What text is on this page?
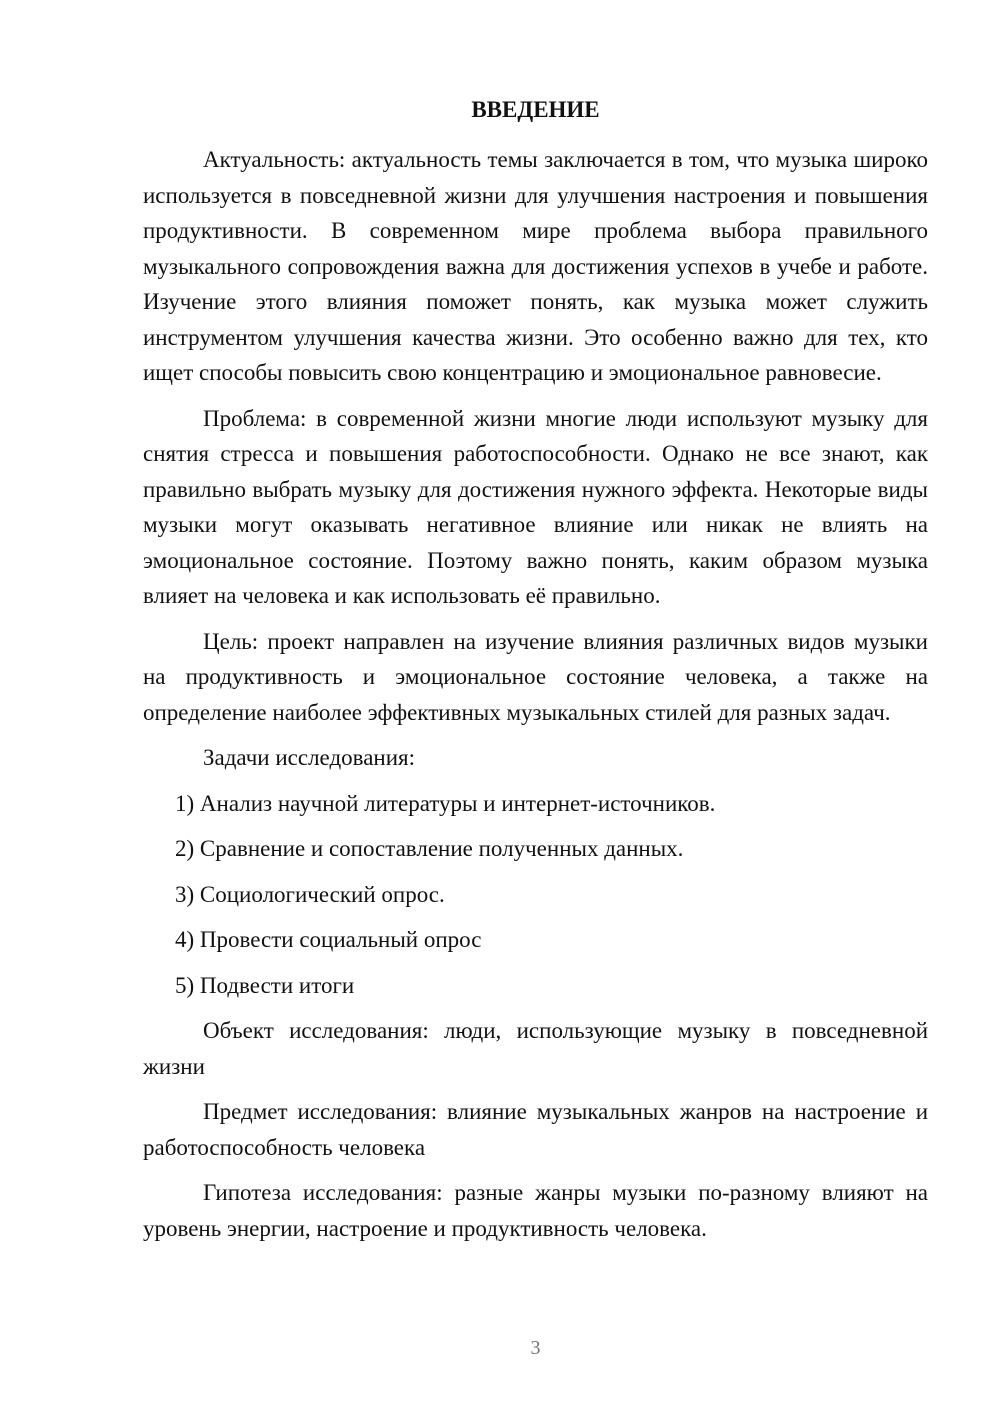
ВВЕДЕНИЕ

Актуальность: актуальность темы заключается в том, что музыка широко используется в повседневной жизни для улучшения настроения и повышения продуктивности. В современном мире проблема выбора правильного музыкального сопровождения важна для достижения успехов в учебе и работе. Изучение этого влияния поможет понять, как музыка может служить инструментом улучшения качества жизни. Это особенно важно для тех, кто ищет способы повысить свою концентрацию и эмоциональное равновесие.

Проблема: в современной жизни многие люди используют музыку для снятия стресса и повышения работоспособности. Однако не все знают, как правильно выбрать музыку для достижения нужного эффекта. Некоторые виды музыки могут оказывать негативное влияние или никак не влиять на эмоциональное состояние. Поэтому важно понять, каким образом музыка влияет на человека и как использовать её правильно.

Цель: проект направлен на изучение влияния различных видов музыки на продуктивность и эмоциональное состояние человека, а также на определение наиболее эффективных музыкальных стилей для разных задач.

Задачи исследования:

1) Анализ научной литературы и интернет-источников.

2) Сравнение и сопоставление полученных данных.

3) Социологический опрос.

4) Провести социальный опрос

5) Подвести итоги

Объект исследования: люди, использующие музыку в повседневной жизни

Предмет исследования: влияние музыкальных жанров на настроение и работоспособность человека

Гипотеза исследования: разные жанры музыки по-разному влияют на уровень энергии, настроение и продуктивность человека.

3
